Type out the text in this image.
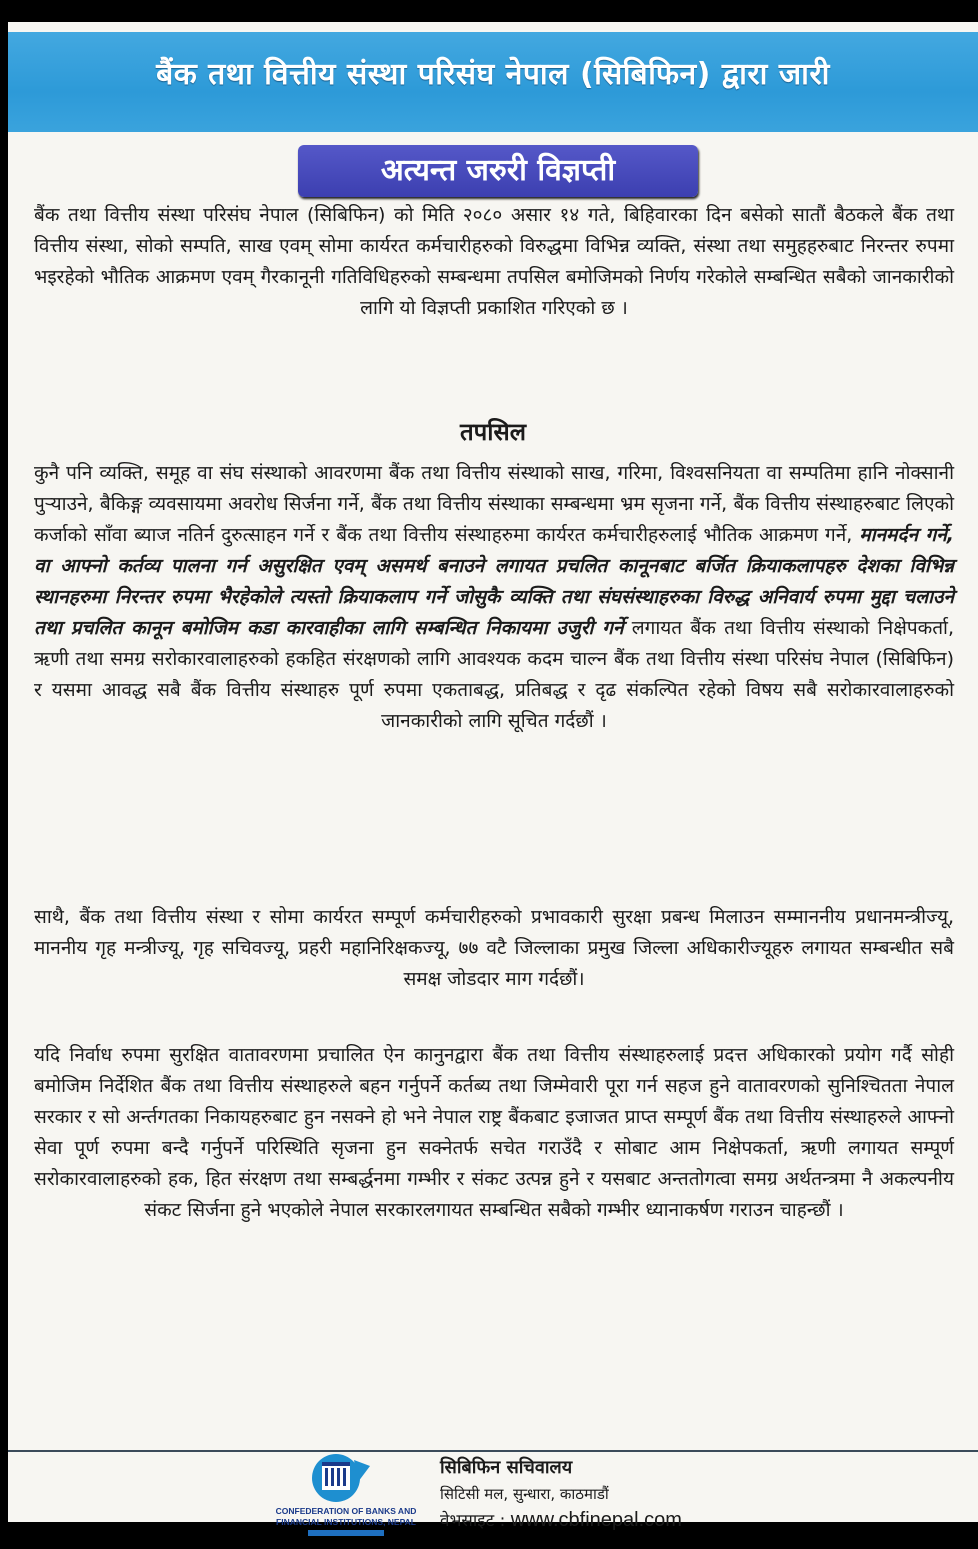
बैंक तथा वित्तीय संस्था परिसंघ नेपाल (सिबिफिन) द्वारा जारी
अत्यन्त जरुरी विज्ञप्ती
बैंक तथा वित्तीय संस्था परिसंघ नेपाल (सिबिफिन) को मिति २०८० असार १४ गते, बिहिवारका दिन बसेको सातौं बैठकले बैंक तथा वित्तीय संस्था, सोको सम्पति, साख एवम् सोमा कार्यरत कर्मचारीहरुको विरुद्धमा विभिन्न व्यक्ति, संस्था तथा समुहहरुबाट निरन्तर रुपमा भइरहेको भौतिक आक्रमण एवम् गैरकानूनी गतिविधिहरुको सम्बन्धमा तपसिल बमोजिमको निर्णय गरेकोले सम्बन्धित सबैको जानकारीको लागि यो विज्ञप्ती प्रकाशित गरिएको छ ।
तपसिल
कुनै पनि व्यक्ति, समूह वा संघ संस्थाको आवरणमा बैंक तथा वित्तीय संस्थाको साख, गरिमा, विश्वसनियता वा सम्पतिमा हानि नोक्सानी पुर्‍याउने, बैकिङ्ग व्यवसायमा अवरोध सिर्जना गर्ने, बैंक तथा वित्तीय संस्थाका सम्बन्धमा भ्रम सृजना गर्ने, बैंक वित्तीय संस्थाहरुबाट लिएको कर्जाको साँवा ब्याज नतिर्न दुरुत्साहन गर्ने र बैंक तथा वित्तीय संस्थाहरुमा कार्यरत कर्मचारीहरुलाई भौतिक आक्रमण गर्ने, मानमर्दन गर्ने, वा आफ्नो कर्तव्य पालना गर्न असुरक्षित एवम् असमर्थ बनाउने लगायत प्रचलित कानूनबाट बर्जित क्रियाकलापहरु देशका विभिन्न स्थानहरुमा निरन्तर रुपमा भैरहेकोले त्यस्तो क्रियाकलाप गर्ने जोसुकै व्यक्ति तथा संघसंस्थाहरुका विरुद्ध अनिवार्य रुपमा मुद्दा चलाउने तथा प्रचलित कानून बमोजिम कडा कारवाहीका लागि सम्बन्धित निकायमा उजुरी गर्ने लगायत बैंक तथा वित्तीय संस्थाको निक्षेपकर्ता, ऋणी तथा समग्र सरोकारवालाहरुको हकहित संरक्षणको लागि आवश्यक कदम चाल्न बैंक तथा वित्तीय संस्था परिसंघ नेपाल (सिबिफिन) र यसमा आवद्ध सबै बैंक वित्तीय संस्थाहरु पूर्ण रुपमा एकताबद्ध, प्रतिबद्ध र दृढ संकल्पित रहेको विषय सबै सरोकारवालाहरुको जानकारीको लागि सूचित गर्दछौं ।
साथै, बैंक तथा वित्तीय संस्था र सोमा कार्यरत सम्पूर्ण कर्मचारीहरुको प्रभावकारी सुरक्षा प्रबन्ध मिलाउन सम्माननीय प्रधानमन्त्रीज्यू, माननीय गृह मन्त्रीज्यू, गृह सचिवज्यू, प्रहरी महानिरिक्षकज्यू, ७७ वटै जिल्लाका प्रमुख जिल्ला अधिकारीज्यूहरु लगायत सम्बन्धीत सबै समक्ष जोडदार माग गर्दछौं।
यदि निर्वाध रुपमा सुरक्षित वातावरणमा प्रचालित ऐन कानुनद्वारा बैंक तथा वित्तीय संस्थाहरुलाई प्रदत्त अधिकारको प्रयोग गर्दै सोही बमोजिम निर्देशित बैंक तथा वित्तीय संस्थाहरुले बहन गर्नुपर्ने कर्तब्य तथा जिम्मेवारी पूरा गर्न सहज हुने वातावरणको सुनिश्चितता नेपाल सरकार र सो अर्न्तगतका निकायहरुबाट हुन नसक्ने हो भने नेपाल राष्ट्र बैंकबाट इजाजत प्राप्त सम्पूर्ण बैंक तथा वित्तीय संस्थाहरुले आफ्नो सेवा पूर्ण रुपमा बन्दै गर्नुपर्ने परिस्थिति सृजना हुन सक्नेतर्फ सचेत गराउँदै र सोबाट आम निक्षेपकर्ता, ऋणी लगायत सम्पूर्ण सरोकारवालाहरुको हक, हित संरक्षण तथा सम्बर्द्धनमा गम्भीर र संकट उत्पन्न हुने र यसबाट अन्ततोगत्वा समग्र अर्थतन्त्रमा नै अकल्पनीय संकट सिर्जना हुने भएकोले नेपाल सरकारलगायत सम्बन्धित सबैको गम्भीर ध्यानाकर्षण गराउन चाहन्छौं ।
CONFEDERATION OF BANKS AND
FINANCIAL INSTITUTIONS, NEPAL
सिबिफिन सचिवालय
सिटिसी मल, सुन्धारा, काठमाडौं
वेभसाइट : www.cbfinepal.com
